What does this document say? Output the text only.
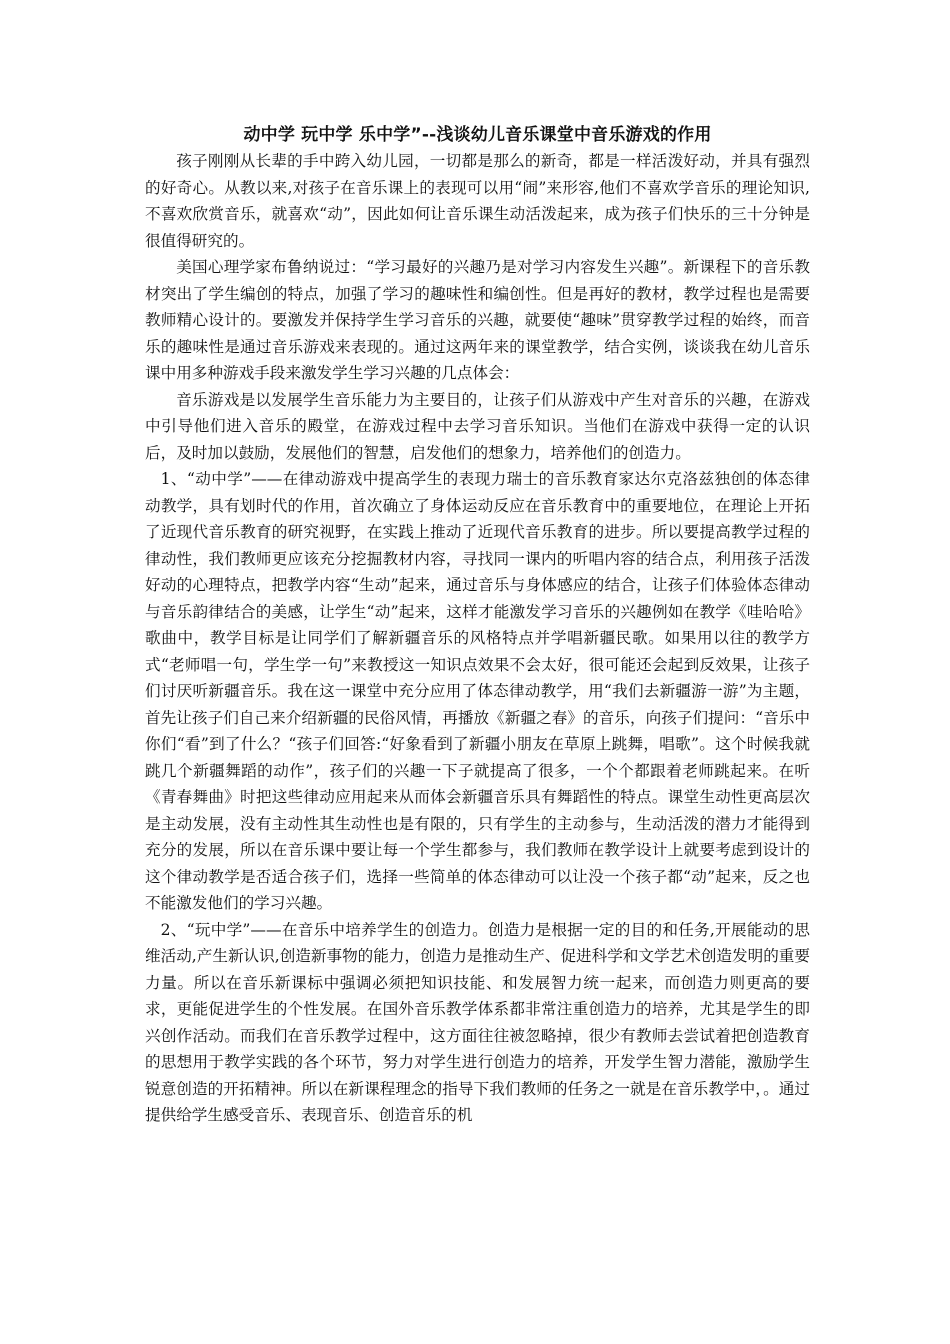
动中学 玩中学 乐中学”--浅谈幼儿音乐课堂中音乐游戏的作用

孩子刚刚从长辈的手中跨入幼儿园，一切都是那么的新奇，都是一样活泼好动，并具有强烈的好奇心。从教以来,对孩子在音乐课上的表现可以用“闹”来形容,他们不喜欢学音乐的理论知识,不喜欢欣赏音乐，就喜欢“动”，因此如何让音乐课生动活泼起来，成为孩子们快乐的三十分钟是很值得研究的。

美国心理学家布鲁纳说过：“学习最好的兴趣乃是对学习内容发生兴趣”。新课程下的音乐教材突出了学生编创的特点，加强了学习的趣味性和编创性。但是再好的教材，教学过程也是需要教师精心设计的。要激发并保持学生学习音乐的兴趣，就要使“趣味”贯穿教学过程的始终，而音乐的趣味性是通过音乐游戏来表现的。通过这两年来的课堂教学，结合实例，谈谈我在幼儿音乐课中用多种游戏手段来激发学生学习兴趣的几点体会：

音乐游戏是以发展学生音乐能力为主要目的，让孩子们从游戏中产生对音乐的兴趣，在游戏中引导他们进入音乐的殿堂，在游戏过程中去学习音乐知识。当他们在游戏中获得一定的认识后，及时加以鼓励，发展他们的智慧，启发他们的想象力，培养他们的创造力。

1、“动中学”——在律动游戏中提高学生的表现力瑞士的音乐教育家达尔克洛兹独创的体态律动教学，具有划时代的作用，首次确立了身体运动反应在音乐教育中的重要地位，在理论上开拓了近现代音乐教育的研究视野，在实践上推动了近现代音乐教育的进步。所以要提高教学过程的律动性，我们教师更应该充分挖掘教材内容，寻找同一课内的听唱内容的结合点，利用孩子活泼好动的心理特点，把教学内容“生动”起来，通过音乐与身体感应的结合，让孩子们体验体态律动与音乐韵律结合的美感，让学生“动”起来，这样才能激发学习音乐的兴趣例如在教学《哇哈哈》歌曲中，教学目标是让同学们了解新疆音乐的风格特点并学唱新疆民歌。如果用以往的教学方式“老师唱一句，学生学一句”来教授这一知识点效果不会太好，很可能还会起到反效果，让孩子们讨厌听新疆音乐。我在这一课堂中充分应用了体态律动教学，用“我们去新疆游一游”为主题，首先让孩子们自己来介绍新疆的民俗风情，再播放《新疆之春》的音乐，向孩子们提问：“音乐中你们“看”到了什么？“孩子们回答:“好象看到了新疆小朋友在草原上跳舞，唱歌”。这个时候我就跳几个新疆舞蹈的动作”，孩子们的兴趣一下子就提高了很多，一个个都跟着老师跳起来。在听《青春舞曲》时把这些律动应用起来从而体会新疆音乐具有舞蹈性的特点。课堂生动性更高层次是主动发展，没有主动性其生动性也是有限的，只有学生的主动参与，生动活泼的潜力才能得到充分的发展，所以在音乐课中要让每一个学生都参与，我们教师在教学设计上就要考虑到设计的这个律动教学是否适合孩子们，选择一些简单的体态律动可以让没一个孩子都“动”起来，反之也不能激发他们的学习兴趣。

2、“玩中学”——在音乐中培养学生的创造力。创造力是根据一定的目的和任务,开展能动的思维活动,产生新认识,创造新事物的能力，创造力是推动生产、促进科学和文学艺术创造发明的重要力量。所以在音乐新课标中强调必须把知识技能、和发展智力统一起来，而创造力则更高的要求，更能促进学生的个性发展。在国外音乐教学体系都非常注重创造力的培养，尤其是学生的即兴创作活动。而我们在音乐教学过程中，这方面往往被忽略掉，很少有教师去尝试着把创造教育的思想用于教学实践的各个环节，努力对学生进行创造力的培养，开发学生智力潜能，激励学生锐意创造的开拓精神。所以在新课程理念的指导下我们教师的任务之一就是在音乐教学中，。通过提供给学生感受音乐、表现音乐、创造音乐的机
